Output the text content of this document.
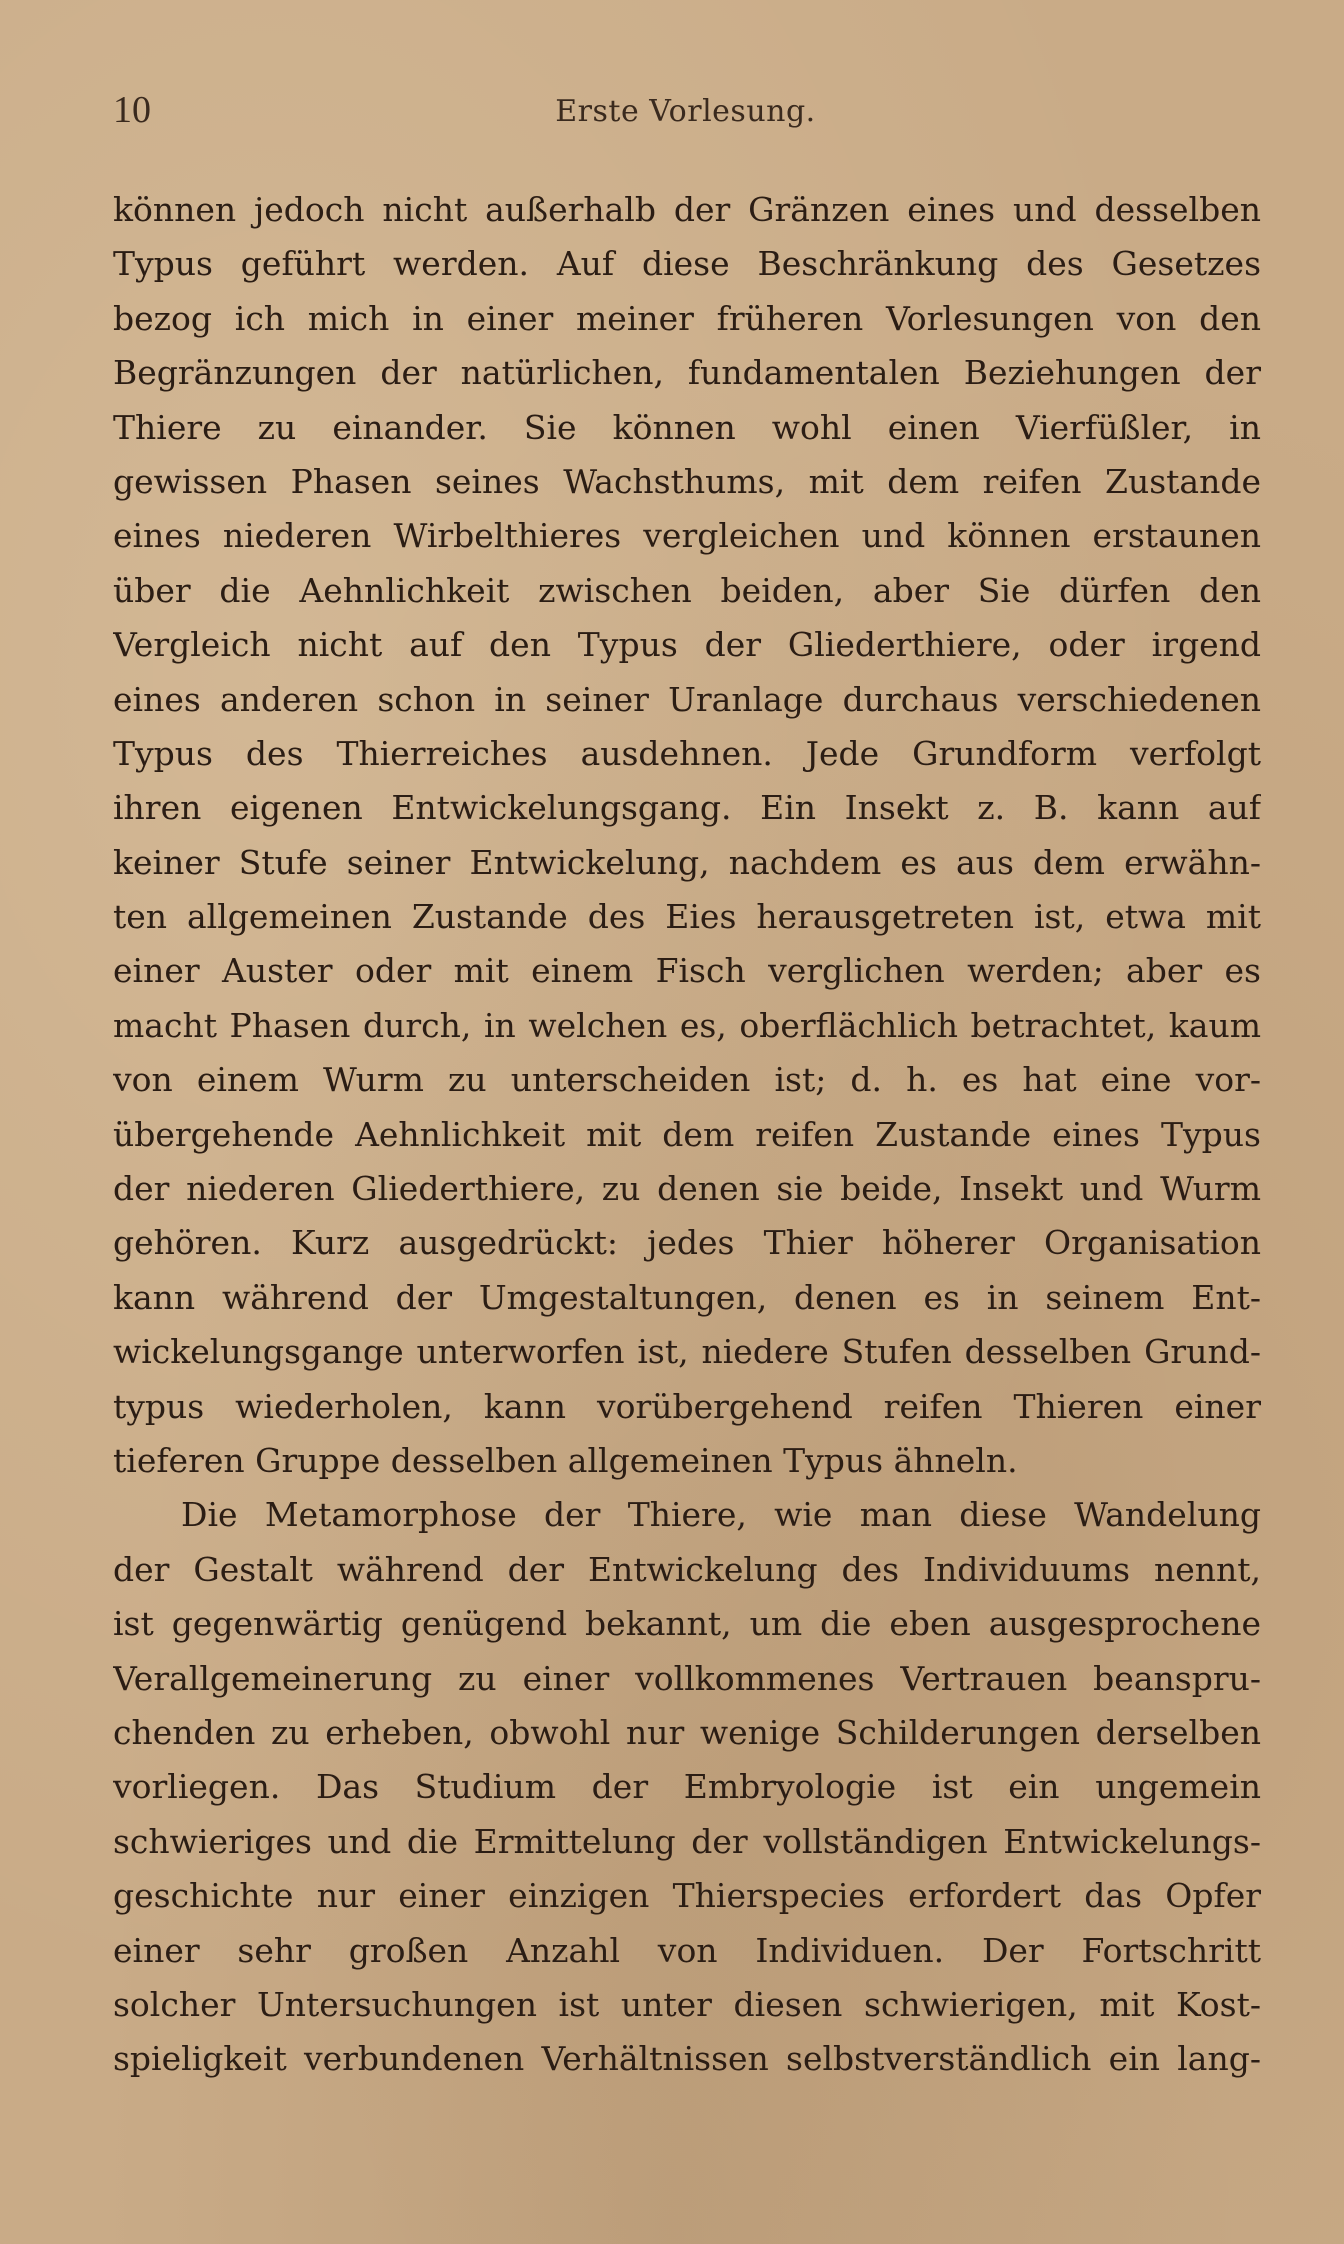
10	Erste Vorlesung.
können jedoch nicht außerhalb der Gränzen eines und desselben
Typus geführt werden. Auf diese Beschränkung des Gesetzes
bezog ich mich in einer meiner früheren Vorlesungen von den
Begränzungen der natürlichen, fundamentalen Beziehungen der
Thiere zu einander. Sie können wohl einen Vierfüßler, in
gewissen Phasen seines Wachsthums, mit dem reifen Zustande
eines niederen Wirbelthieres vergleichen und können erstaunen
über die Aehnlichkeit zwischen beiden, aber Sie dürfen den
Vergleich nicht auf den Typus der Gliederthiere, oder irgend
eines anderen schon in seiner Uranlage durchaus verschiedenen
Typus des Thierreiches ausdehnen. Jede Grundform verfolgt
ihren eigenen Entwickelungsgang. Ein Insekt z. B. kann auf
keiner Stufe seiner Entwickelung, nachdem es aus dem erwähn-
ten allgemeinen Zustande des Eies herausgetreten ist, etwa mit
einer Auster oder mit einem Fisch verglichen werden; aber es
macht Phasen durch, in welchen es, oberflächlich betrachtet, kaum
von einem Wurm zu unterscheiden ist; d. h. es hat eine vor-
übergehende Aehnlichkeit mit dem reifen Zustande eines Typus
der niederen Gliederthiere, zu denen sie beide, Insekt und Wurm
gehören. Kurz ausgedrückt: jedes Thier höherer Organisation
kann während der Umgestaltungen, denen es in seinem Ent-
wickelungsgange unterworfen ist, niedere Stufen desselben Grund-
typus wiederholen, kann vorübergehend reifen Thieren einer
tieferen Gruppe desselben allgemeinen Typus ähneln.
Die Metamorphose der Thiere, wie man diese Wandelung
der Gestalt während der Entwickelung des Individuums nennt,
ist gegenwärtig genügend bekannt, um die eben ausgesprochene
Verallgemeinerung zu einer vollkommenes Vertrauen beanspru-
chenden zu erheben, obwohl nur wenige Schilderungen derselben
vorliegen. Das Studium der Embryologie ist ein ungemein
schwieriges und die Ermittelung der vollständigen Entwickelungs-
geschichte nur einer einzigen Thierspecies erfordert das Opfer
einer sehr großen Anzahl von Individuen. Der Fortschritt
solcher Untersuchungen ist unter diesen schwierigen, mit Kost-
spieligkeit verbundenen Verhältnissen selbstverständlich ein lang-
